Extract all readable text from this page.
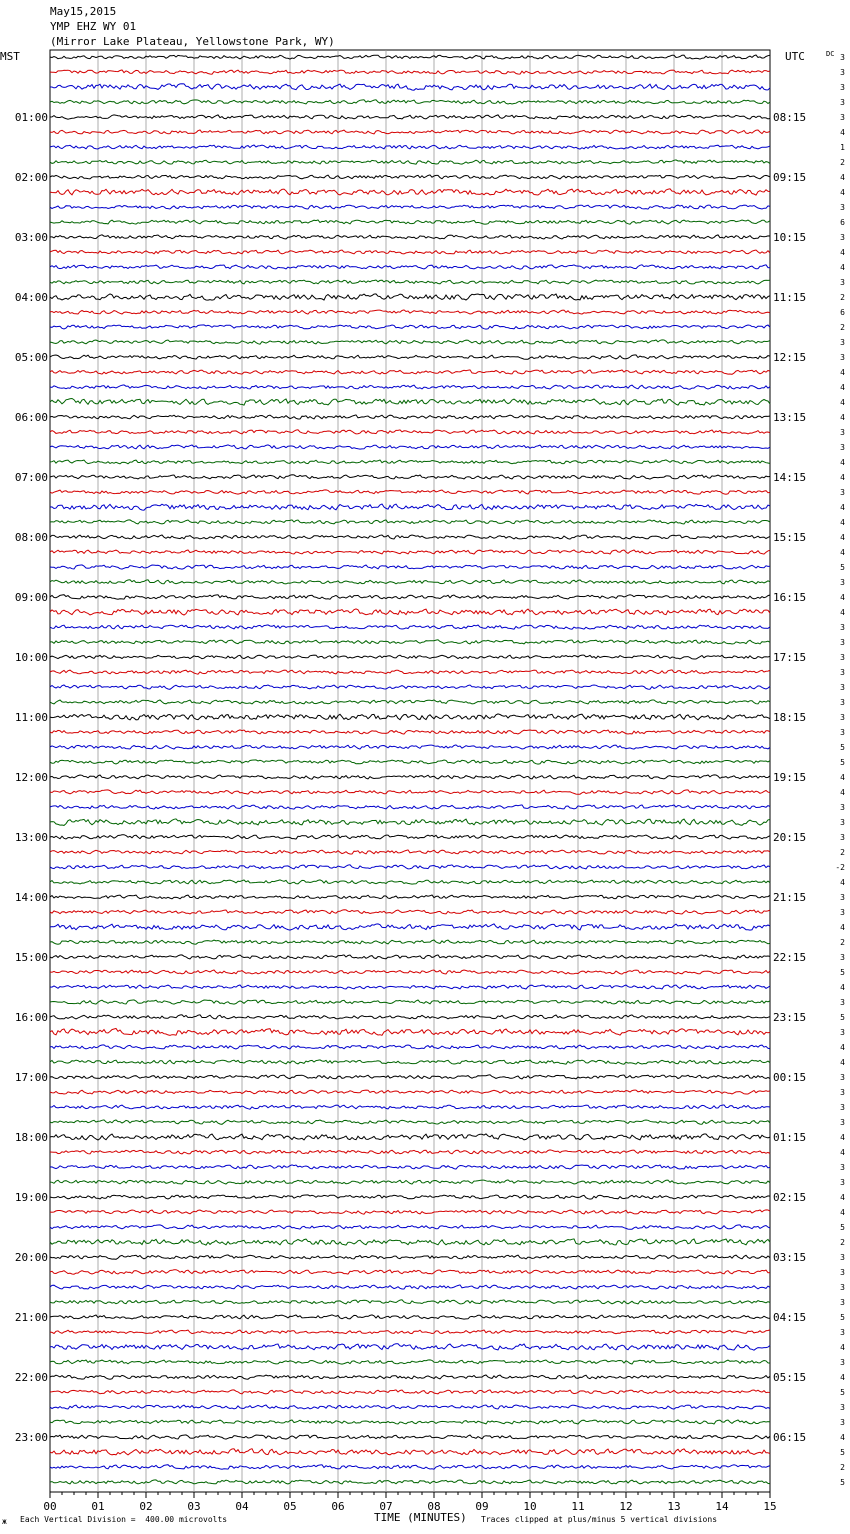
May15,2015
YMP EHZ WY 01
(Mirror Lake Plateau, Yellowstone Park, WY)
MST	UTC	DC
01:00
02:00
03:00
04:00
05:00
06:00
07:00
08:00
09:00
10:00
11:00
12:00
13:00
14:00
15:00
16:00
17:00
18:00
19:00
20:00
21:00
22:00
23:00
08:15
09:15
10:15
11:15
12:15
13:15
14:15
15:15
16:15
17:15
18:15
19:15
20:15
21:15
22:15
23:15
00:15
01:15
02:15
03:15
04:15
05:15
06:15
3
3
3
3
3
4
1
2
4
4
3
6
3
4
4
3
2
6
2
3
3
4
4
4
4
3
3
4
4
3
4
4
4
4
5
3
4
4
3
3
3
3
3
3
3
3
5
5
4
4
3
3
3
2
-2
4
3
3
4
2
3
5
4
3
5
3
4
4
3
3
3
3
4
4
3
3
4
4
5
2
3
3
3
3
5
3
4
3
4
5
3
3
4
5
2
5
00	01	02	03	04	05	06	07	08	09	10	11	12	13	14	15
ж Each Vertical Division =  400.00 microvolts	TIME (MINUTES) Traces clipped at plus/minus 5 vertical divisions
